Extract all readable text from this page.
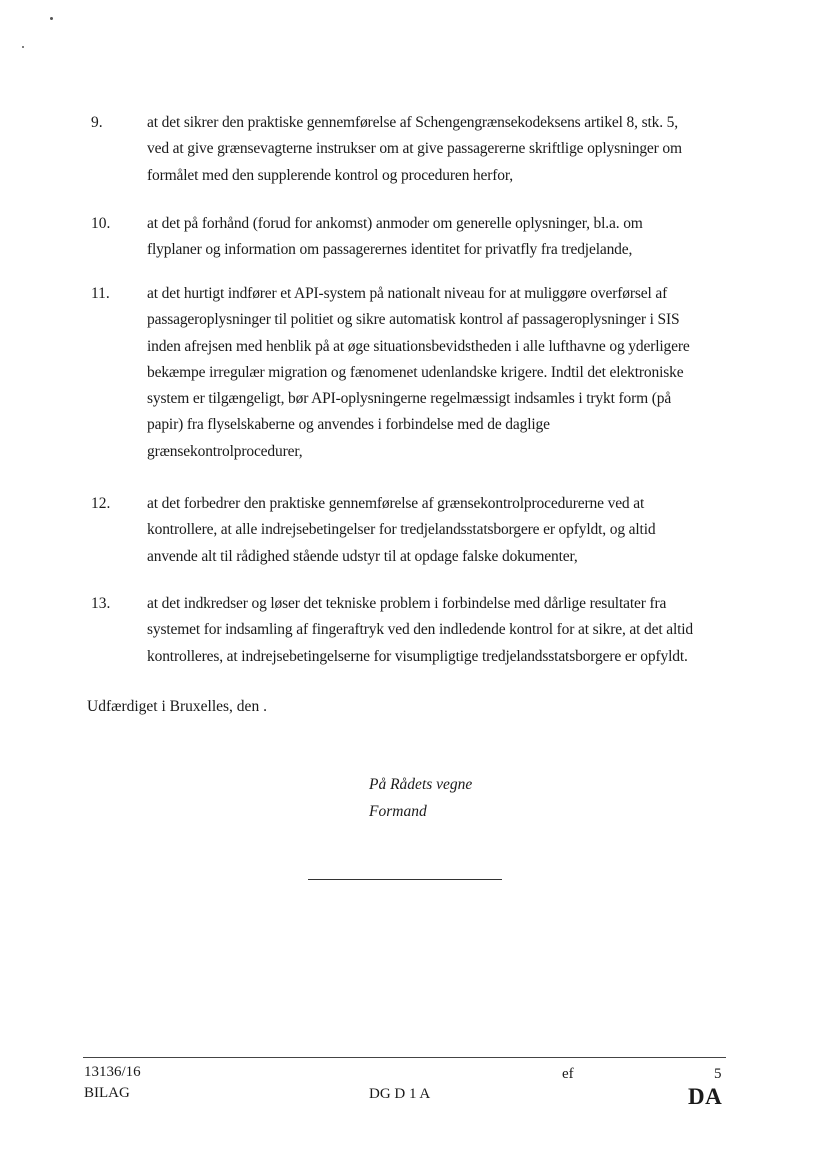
9.	at det sikrer den praktiske gennemførelse af Schengengrænsekodeksens artikel 8, stk. 5,
ved at give grænsevagterne instrukser om at give passagererne skriftlige oplysninger om
formålet med den supplerende kontrol og proceduren herfor,
10. at det på forhånd (forud for ankomst) anmoder om generelle oplysninger, bl.a. om
flyplaner og information om passagerernes identitet for privatfly fra tredjelande,
11. at det hurtigt indfører et API-system på nationalt niveau for at muliggøre overførsel af
passageroplysninger til politiet og sikre automatisk kontrol af passageroplysninger i SIS
inden afrejsen med henblik på at øge situationsbevidstheden i alle lufthavne og yderligere
bekæmpe irregulær migration og fænomenet udenlandske krigere. Indtil det elektroniske
system er tilgængeligt, bør API-oplysningerne regelmæssigt indsamles i trykt form (på
papir) fra flyselskaberne og anvendes i forbindelse med de daglige
grænsekontrolprocedurer,
12. at det forbedrer den praktiske gennemførelse af grænsekontrolprocedurerne ved at
kontrollere, at alle indrejsebetingelser for tredjelandsstatsborgere er opfyldt, og altid
anvende alt til rådighed stående udstyr til at opdage falske dokumenter,
13. at det indkredser og løser det tekniske problem i forbindelse med dårlige resultater fra
systemet for indsamling af fingeraftryk ved den indledende kontrol for at sikre, at det altid
kontrolleres, at indrejsebetingelserne for visumpligtige tredjelandsstatsborgere er opfyldt.
Udfærdiget i Bruxelles, den .
På Rådets vegne
Formand
13136/16
BILAG
ef
DG D 1 A
5
DA
